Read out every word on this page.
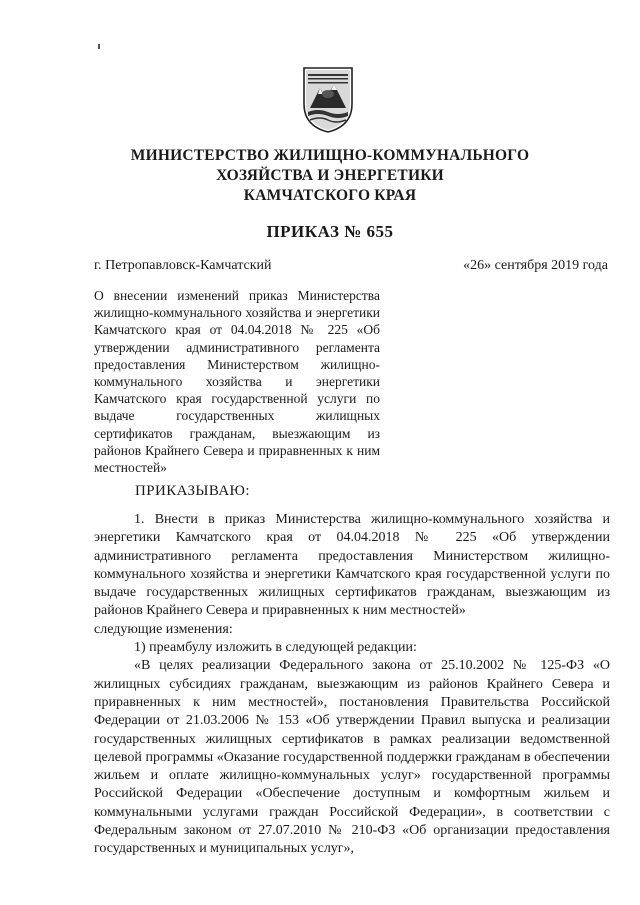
МИНИСТЕРСТВО ЖИЛИЩНО-КОММУНАЛЬНОГО
ХОЗЯЙСТВА И ЭНЕРГЕТИКИ
КАМЧАТСКОГО КРАЯ
ПРИКАЗ № 655
г. Петропавловск-Камчатский	«26» сентября 2019 года
О внесении изменений приказ Министерства жилищно-коммунального хозяйства и энергетики Камчатского края от 04.04.2018 № 225 «Об утверждении административного регламента предоставления Министерством жилищно-коммунального хозяйства и энергетики Камчатского края государственной услуги по выдаче государственных жилищных сертификатов гражданам, выезжающим из районов Крайнего Севера и приравненных к ним местностей»
ПРИКАЗЫВАЮ:

1. Внести в приказ Министерства жилищно-коммунального хозяйства и энергетики Камчатского края от 04.04.2018 № 225 «Об утверждении административного регламента предоставления Министерством жилищно-коммунального хозяйства и энергетики Камчатского края государственной услуги по выдаче государственных жилищных сертификатов гражданам, выезжающим из районов Крайнего Севера и приравненных к ним местностей»

следующие изменения:

1) преамбулу изложить в следующей редакции:

«В целях реализации Федерального закона от 25.10.2002 № 125-ФЗ «О жилищных субсидиях гражданам, выезжающим из районов Крайнего Севера и приравненных к ним местностей», постановления Правительства Российской Федерации от 21.03.2006 № 153 «Об утверждении Правил выпуска и реализации государственных жилищных сертификатов в рамках реализации ведомственной целевой программы «Оказание государственной поддержки гражданам в обеспечении жильем и оплате жилищно-коммунальных услуг» государственной программы Российской Федерации «Обеспечение доступным и комфортным жильем и коммунальными услугами граждан Российской Федерации», в соответствии с Федеральным законом от 27.07.2010 № 210-ФЗ «Об организации предоставления государственных и муниципальных услуг»,
